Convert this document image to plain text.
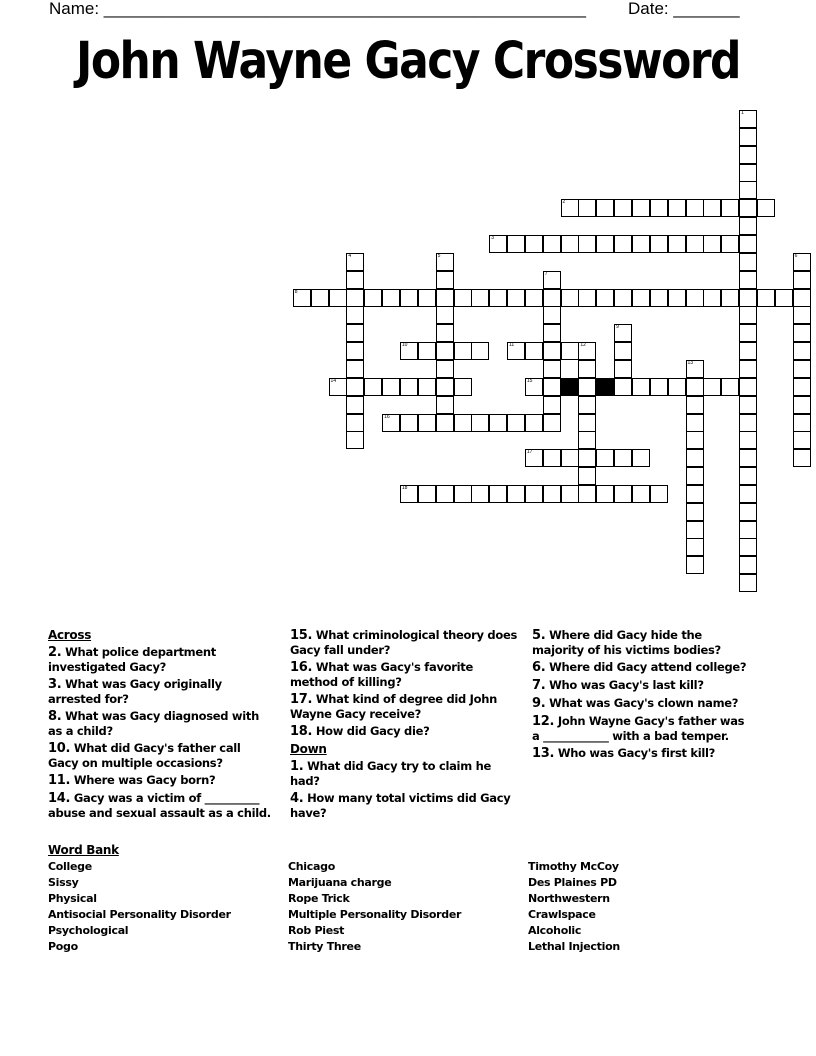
Name: ___________________________________________________ Date: _______
John Wayne Gacy Crossword
1
2
3
4	5	6
7
8
9
10	11	12
13
14	15
16
17
18
Across
2. What police department investigated Gacy?
3. What was Gacy originally arrested for?
8. What was Gacy diagnosed with as a child?
10. What did Gacy's father call Gacy on multiple occasions?
11. Where was Gacy born?
14. Gacy was a victim of __________ abuse and sexual assault as a child.
15. What criminological theory does Gacy fall under?
16. What was Gacy's favorite method of killing?
17. What kind of degree did John Wayne Gacy receive?
18. How did Gacy die?
Down
1. What did Gacy try to claim he had?
4. How many total victims did Gacy have?
5. Where did Gacy hide the majority of his victims bodies?
6. Where did Gacy attend college?
7. Who was Gacy's last kill?
9. What was Gacy's clown name?
12. John Wayne Gacy's father was a ____________ with a bad temper.
13. Who was Gacy's first kill?
Word Bank
College
Sissy
Physical
Antisocial Personality Disorder
Psychological
Pogo
Chicago
Marijuana charge
Rope Trick
Multiple Personality Disorder
Rob Piest
Thirty Three
Timothy McCoy
Des Plaines PD
Northwestern
Crawlspace
Alcoholic
Lethal Injection
